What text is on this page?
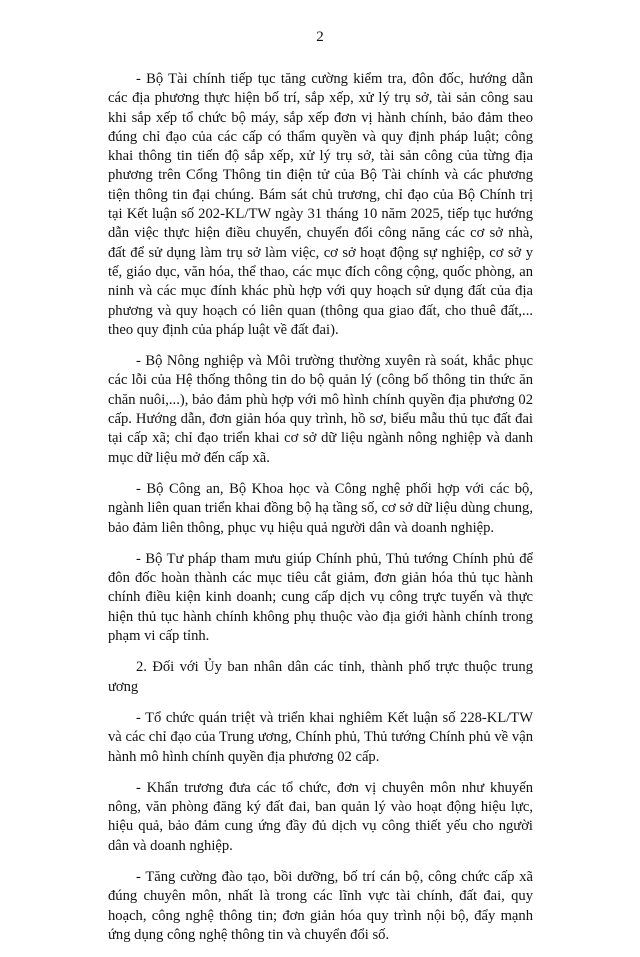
2

- Bộ Tài chính tiếp tục tăng cường kiểm tra, đôn đốc, hướng dẫn các địa phương thực hiện bố trí, sắp xếp, xử lý trụ sở, tài sản công sau khi sắp xếp tổ chức bộ máy, sắp xếp đơn vị hành chính, bảo đảm theo đúng chỉ đạo của các cấp có thẩm quyền và quy định pháp luật; công khai thông tin tiến độ sắp xếp, xử lý trụ sở, tài sản công của từng địa phương trên Cổng Thông tin điện tử của Bộ Tài chính và các phương tiện thông tin đại chúng. Bám sát chủ trương, chỉ đạo của Bộ Chính trị tại Kết luận số 202-KL/TW ngày 31 tháng 10 năm 2025, tiếp tục hướng dẫn việc thực hiện điều chuyển, chuyển đổi công năng các cơ sở nhà, đất để sử dụng làm trụ sở làm việc, cơ sở hoạt động sự nghiệp, cơ sở y tế, giáo dục, văn hóa, thể thao, các mục đích công cộng, quốc phòng, an ninh và các mục đính khác phù hợp với quy hoạch sử dụng đất của địa phương và quy hoạch có liên quan (thông qua giao đất, cho thuê đất,... theo quy định của pháp luật về đất đai).

- Bộ Nông nghiệp và Môi trường thường xuyên rà soát, khắc phục các lỗi của Hệ thống thông tin do bộ quản lý (công bố thông tin thức ăn chăn nuôi,...), bảo đảm phù hợp với mô hình chính quyền địa phương 02 cấp. Hướng dẫn, đơn giản hóa quy trình, hồ sơ, biểu mẫu thủ tục đất đai tại cấp xã; chỉ đạo triển khai cơ sở dữ liệu ngành nông nghiệp và danh mục dữ liệu mở đến cấp xã.

- Bộ Công an, Bộ Khoa học và Công nghệ phối hợp với các bộ, ngành liên quan triển khai đồng bộ hạ tầng số, cơ sở dữ liệu dùng chung, bảo đảm liên thông, phục vụ hiệu quả người dân và doanh nghiệp.

- Bộ Tư pháp tham mưu giúp Chính phủ, Thủ tướng Chính phủ để đôn đốc hoàn thành các mục tiêu cắt giảm, đơn giản hóa thủ tục hành chính điều kiện kinh doanh; cung cấp dịch vụ công trực tuyến và thực hiện thủ tục hành chính không phụ thuộc vào địa giới hành chính trong phạm vi cấp tỉnh.

2. Đối với Ủy ban nhân dân các tỉnh, thành phố trực thuộc trung ương

- Tổ chức quán triệt và triển khai nghiêm Kết luận số 228-KL/TW và các chỉ đạo của Trung ương, Chính phủ, Thủ tướng Chính phủ về vận hành mô hình chính quyền địa phương 02 cấp.

- Khẩn trương đưa các tổ chức, đơn vị chuyên môn như khuyến nông, văn phòng đăng ký đất đai, ban quản lý vào hoạt động hiệu lực, hiệu quả, bảo đảm cung ứng đầy đủ dịch vụ công thiết yếu cho người dân và doanh nghiệp.

- Tăng cường đào tạo, bồi dưỡng, bố trí cán bộ, công chức cấp xã đúng chuyên môn, nhất là trong các lĩnh vực tài chính, đất đai, quy hoạch, công nghệ thông tin; đơn giản hóa quy trình nội bộ, đẩy mạnh ứng dụng công nghệ thông tin và chuyển đổi số.
